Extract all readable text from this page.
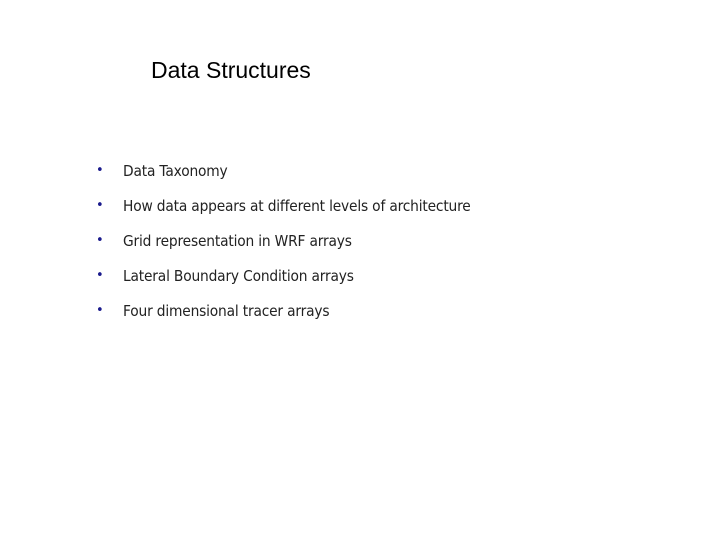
Data Structures
•	Data Taxonomy
•	How data appears at different levels of architecture
•	Grid representation in WRF arrays
•	Lateral Boundary Condition arrays
•	Four dimensional tracer arrays
